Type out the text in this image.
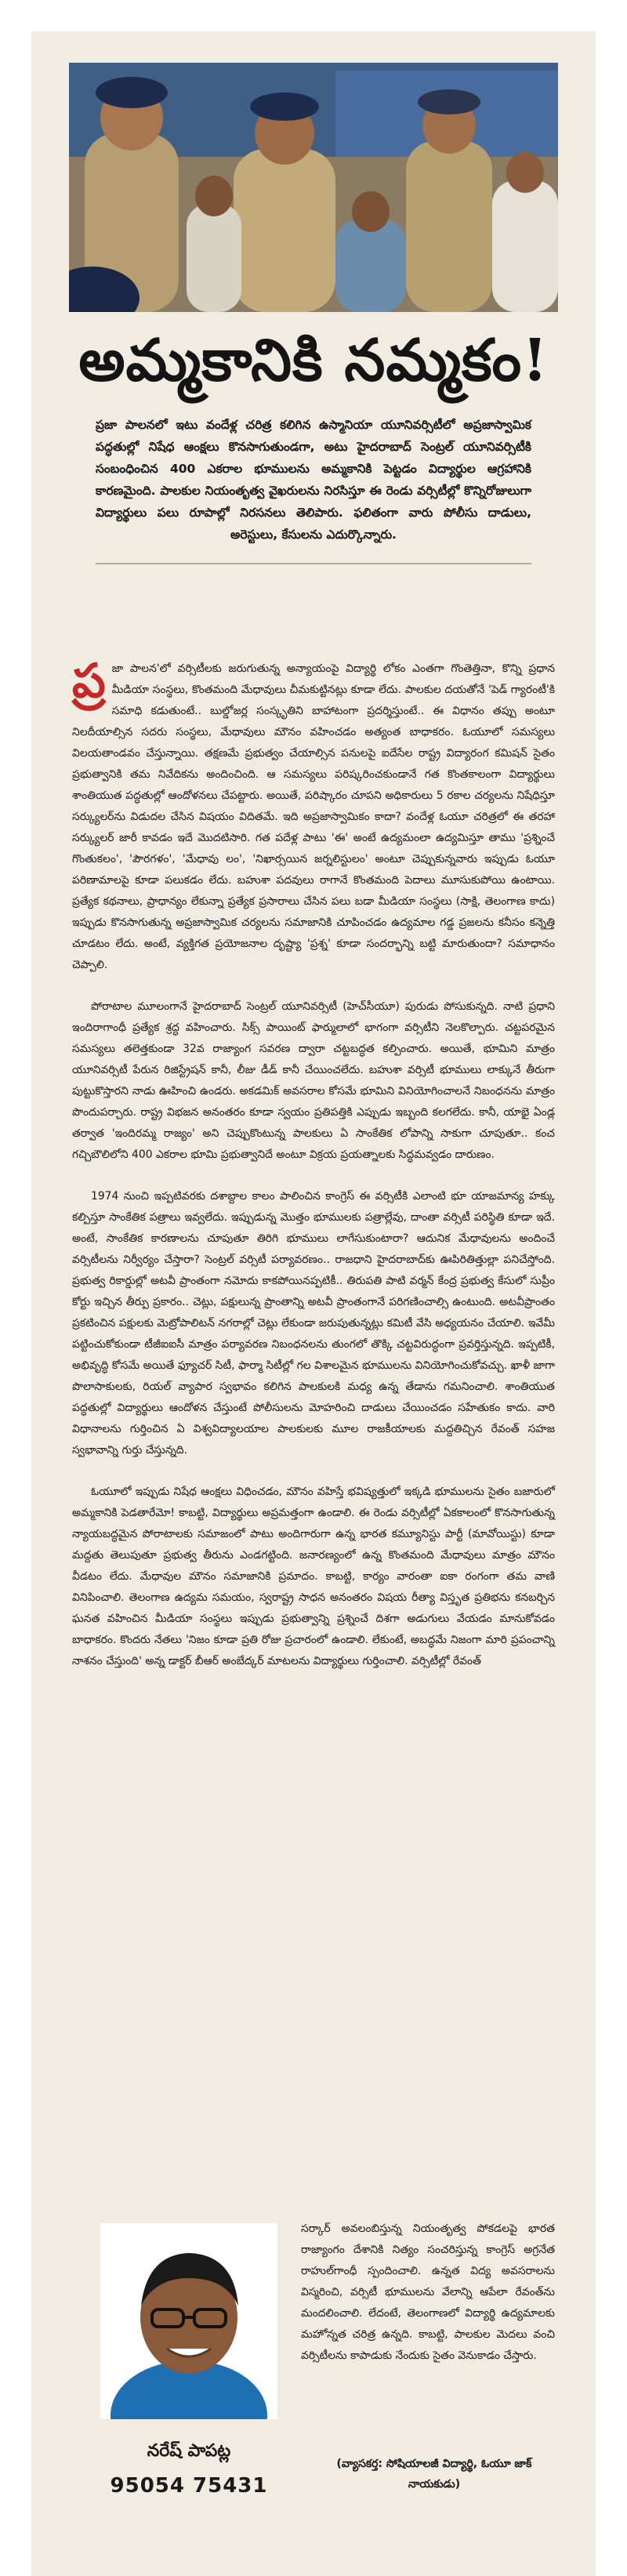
అమ్మకానికి నమ్మకం!
ప్రజా పాలనలో ఇటు వందేళ్ల చరిత్ర కలిగిన ఉస్మానియా యూనివర్సిటీలో అప్రజాస్వామిక పద్ధతుల్లో నిషేధ ఆంక్షలు కొనసాగుతుండగా, అటు హైదరాబాద్ సెంట్రల్ యూనివర్సిటీకి సంబంధించిన 400 ఎకరాల భూములను అమ్మకానికి పెట్టడం విద్యార్థుల ఆగ్రహానికి కారణమైంది. పాలకుల నియంతృత్వ వైఖరులను నిరసిస్తూ ఈ రెండు వర్సిటీల్లో కొన్నిరోజులుగా విద్యార్థులు పలు రూపాల్లో నిరసనలు తెలిపారు. ఫలితంగా వారు పోలీసు దాడులు, అరెస్టులు, కేసులను ఎదుర్కొన్నారు.

ప్ర జా పాలన'లో వర్సిటీలకు జరుగుతున్న అన్యాయంపై విద్యార్థి లోకం ఎంతగా గొంతెత్తినా, కొన్ని ప్రధాన మీడియా సంస్థలు, కొంతమంది మేధావులు చీమకుట్టినట్లు కూడా లేదు. పాలకుల దయతోనే 'పెడ్ గ్యారంటీ'కి సమాధి కడుతుంటే.. బుల్డోజర్ల సంస్కృతిని బాహాటంగా ప్రదర్శిస్తుంటే.. ఈ విధానం తప్పు అంటూ నిలదీయాల్సిన సదరు సంస్థలు, మేధావులు మౌనం వహించడం అత్యంత బాధాకరం. ఓయూలో సమస్యలు విలయతాండవం చేస్తున్నాయి. తక్షణమే ప్రభుత్వం చేయాల్సిన పనులపై ఐదేసేల రాష్ట్ర విద్యారంగ కమిషన్ సైతం ప్రభుత్వానికి తమ నివేదికను అందించింది. ఆ సమస్యలు పరిష్కరించకుండానే గత కొంతకాలంగా విద్యార్థులు శాంతియుత పద్ధతుల్లో ఆందోళనలు చేపట్టారు. అయితే, పరిష్కారం చూపని అధికారులు 5 రకాల చర్యలను నిషేధిస్తూ సర్క్యులర్‌ను విడుదల చేసిన విషయం విదితమే. ఇది అప్రజాస్వామికం కాదా? వందేళ్ల ఓయూ చరిత్రలో ఈ తరహా సర్క్యులర్ జారీ కావడం ఇదే మొదటిసారి. గత పదేళ్ల పాటు 'ఈ' అంటే ఉద్యమంలా ఉద్యమిస్తూ తాము 'ప్రశ్నించే గొంతుకలం', 'పౌరగళం', 'మేధావు లం', 'నిఖార్సయిన జర్నలిస్టులం' అంటూ చెప్పుకున్నవారు ఇప్పుడు ఓయూ పరిణామాలపై కూడా పలుకడం లేదు. బహుశా పదవులు రాగానే కొంతమంది పెదాలు మూసుకుపోయి ఉంటాయి. ప్రత్యేక కథనాలు, ప్రాధాన్యం లేకున్నా ప్రత్యేక ప్రసారాలు చేసిన పలు బడా మీడియా సంస్థలు (సాక్షి, తెలంగాణ కాదు) ఇప్పుడు కొనసాగుతున్న అప్రజాస్వామిక చర్యలను సమాజానికి చూపించడం ఉద్యమాల గడ్డ ప్రజలను కనీసం కన్నెత్తి చూడటం లేదు. అంటే, వ్యక్తిగత ప్రయోజనాల దృష్ట్యా 'ప్రశ్న' కూడా సందర్భాన్ని బట్టి మారుతుందా? సమాధానం చెప్పాలి.

పోరాటాల మూలంగానే హైదరాబాద్ సెంట్రల్ యూనివర్సిటీ (హెచ్‌సీయూ) పురుడు పోసుకున్నది. నాటి ప్రధాని ఇందిరాగాంధీ ప్రత్యేక శ్రద్ధ వహించారు. సిక్స్ పాయింట్ ఫార్ములాలో భాగంగా వర్సిటీని నెలకొల్పారు. చట్టపరమైన సమస్యలు తలెత్తకుండా 32వ రాజ్యాంగ సవరణ ద్వారా చట్టబద్ధత కల్పించారు. అయితే, భూమిని మాత్రం యూనివర్సిటీ పేరున రిజిస్ట్రేషన్ కానీ, లీజు డీడ్ కానీ చేయించలేదు. బహుశా వర్సిటీ భూములు లాక్కునే తీరుగా పుట్టుకొస్తారని నాడు ఊహించి ఉండరు. అకడమిక్ అవసరాల కోసమే భూమిని వినియోగించాలనే నిబంధనను మాత్రం పొందుపర్చారు. రాష్ట్ర విభజన అనంతరం కూడా స్వయం ప్రతిపత్తికి ఎప్పుడు ఇబ్బంది కలగలేదు. కానీ, యాభై ఏండ్ల తర్వాత 'ఇందిరమ్మ రాజ్యం' అని చెప్పుకొంటున్న పాలకులు ఏ సాంకేతిక లోపాన్ని సాకుగా చూపుతూ.. కంచ గచ్చిబౌలిలోని 400 ఎకరాల భూమి ప్రభుత్వానిదే అంటూ విక్రయ ప్రయత్నాలకు సిద్ధమవ్వడం దారుణం.

1974 నుంచి ఇప్పటివరకు దశాబ్దాల కాలం పాలించిన కాంగ్రెస్ ఈ వర్సిటీకి ఎలాంటి భూ యాజమాన్య హక్కు కల్పిస్తూ సాంకేతిక పత్రాలు ఇవ్వలేదు. ఇప్పుడున్న మొత్తం భూములకు పత్రాల్లేవు, దాంతా వర్సిటీ పరిస్థితి కూడా ఇదే. అంటే, సాంకేతిక కారణాలను చూపుతూ తిరిగి భూములు లాగేసుకుంటారా? ఆదునిక మేధావులను అందించే వర్సిటీలను నిర్వీర్యం చేస్తారా? సెంట్రల్ వర్సిటీ పర్యావరణం.. రాజధాని హైదరాబాద్‌కు ఊపిరితిత్తుల్లా పనిచేస్తోంది. ప్రభుత్వ రికార్డుల్లో అటవీ ప్రాంతంగా నమోదు కాకపోయినప్పటికీ.. తిరుపతి పాటి వర్మన్ కేంద్ర ప్రభుత్వ కేసులో సుప్రీం కోర్టు ఇచ్చిన తీర్పు ప్రకారం.. చెట్లు, పక్షులున్న ప్రాంతాన్ని అటవీ ప్రాంతంగానే పరిగణించాల్సి ఉంటుంది. అటవీప్రాంతం ప్రకటించిన పక్షులకు మెట్రోపాలిటన్ నగరాల్లో చెట్లు లేకుండా జరుపుతున్నట్లు కమిటీ వేసి అధ్యయనం చేయాలి. ఇవేమీ పట్టించుకోకుండా టీజీఐఐసీ మాత్రం పర్యావరణ నిబంధనలను తుంగలో తొక్కి చట్టవిరుద్ధంగా ప్రవర్తిస్తున్నది. ఇప్పటికీ, అభివృద్ధి కోసమే అయితే ఫ్యూచర్ సిటీ, ఫార్మా సిటీల్లో గల విశాలమైన భూములను వినియోగించుకోవచ్చు. ఖాళీ జాగా పొలాసాకులకు, రియల్ వ్యాపార స్వభావం కలిగిన పాలకులకి మధ్య ఉన్న తేడాను గమనించాలి. శాంతియుత పద్ధతుల్లో విద్యార్థులు ఆందోళన చేస్తుంటే పోలీసులను మోహరించి దాడులు చేయించడం సహేతుకం కాదు. వారి విధానాలను గుర్తించిన ఏ విశ్వవిద్యాలయాల పాలకులకు మూల రాజకీయాలకు మద్దతిచ్చిన రేవంత్ సహజ స్వభావాన్ని గుర్తు చేస్తున్నది.

ఓయూలో ఇప్పుడు నిషేధ ఆంక్షలు విధించడం, మౌనం వహిస్తే భవిష్యత్తులో ఇక్కడి భూములను సైతం బజారులో అమ్మకానికి పెడతారేమో! కాబట్టి, విద్యార్థులు అప్రమత్తంగా ఉండాలి. ఈ రెండు వర్సిటీల్లో ఏకకాలంలో కొనసాగుతున్న న్యాయబద్ధమైన పోరాటాలకు సమాజంలో పాటు అందిగారుగా ఉన్న భారత కమ్యూనిస్టు పార్టీ (మావోయిస్టు) కూడా మద్దతు తెలుపుతూ ప్రభుత్వ తీరును ఎండగట్టింది. జనారణ్యంలో ఉన్న కొంతమంది మేధావులు మాత్రం మౌనం వీడటం లేదు. మేధావుల మౌనం సమాజానికి ప్రమాదం. కాబట్టి, కార్యం వారంతా ఐకా రంగంగా తమ వాణి వినిపించాలి. తెలంగాణ ఉద్యమ సమయం, స్వరాష్ట్ర సాధన అనంతరం విషయ రీత్యా విస్తృత ప్రతిభను కనబర్చిన ఘనత వహించిన మీడియా సంస్థలు ఇప్పుడు ప్రభుత్వాన్ని ప్రశ్నించే దిశగా అడుగులు వేయడం మానుకోవడం బాధాకరం. కొందరు నేతలు 'నిజం కూడా ప్రతి రోజు ప్రచారంలో ఉండాలి. లేకుంటే, అబద్ధమే నిజంగా మారి ప్రపంచాన్ని నాశనం చేస్తుంది' అన్న డాక్టర్ బీఆర్ అంబేద్కర్ మాటలను విద్యార్థులు గుర్తించాలి. వర్సిటీల్లో రేవంత్

సర్కార్ అవలంబిస్తున్న నియంతృత్వ పోకడలపై భారత రాజ్యాంగం దేశానికి నిత్యం సంచరిస్తున్న కాంగ్రెస్ అగ్రనేత రాహుల్‌గాంధీ స్పందించాలి. ఉన్నత విద్య అవసరాలను విస్మరించి, వర్సిటీ భూములను వేలాన్ని ఆపేలా రేవంత్‌ను మందలించాలి. లేదంటే, తెలంగాణలో విద్యార్థి ఉద్యమాలకు మహోన్నత చరిత్ర ఉన్నది. కాబట్టి, పాలకుల మెదలు వంచి వర్సిటీలను కాపాడుకు నేందుకు సైతం వెనుకాడం చేస్తారు.
నరేష్ పాపట్ల
95054 75431
(వ్యాసకర్త: సోషియాలజీ విద్యార్థి, ఓయూ జాక్ నాయకుడు)
